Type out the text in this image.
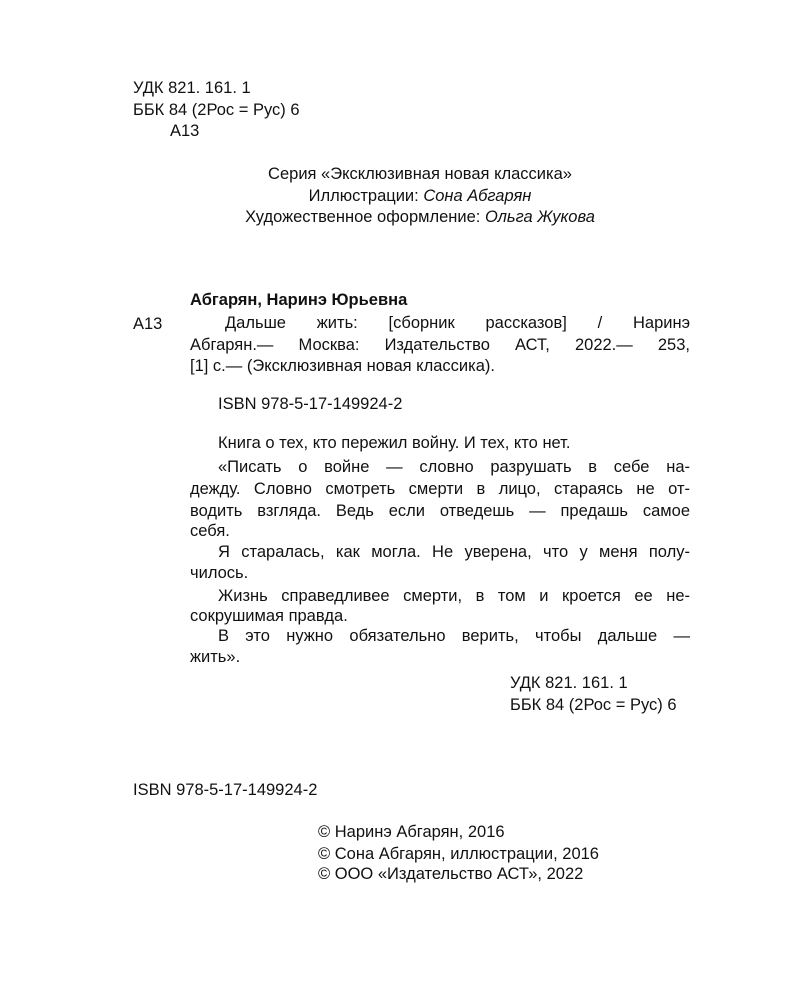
УДК 821. 161. 1
ББК 84 (2Рос = Рус) 6
А13
Серия «Эксклюзивная новая классика»
Иллюстрации: Сона Абгарян
Художественное оформление: Ольга Жукова
Абгарян, Наринэ Юрьевна
А13	Дальше жить: [сборник рассказов] / Наринэ
Абгарян.— Москва: Издательство АСТ, 2022.— 253,
[1] с.— (Эксклюзивная новая классика).
ISBN 978-5-17-149924-2
Книга о тех, кто пережил войну. И тех, кто нет.
«Писать о войне — словно разрушать в себе на-
дежду. Словно смотреть смерти в лицо, стараясь не от-
водить взгляда. Ведь если отведешь — предашь самое
себя.
Я старалась, как могла. Не уверена, что у меня полу-
чилось.
Жизнь справедливее смерти, в том и кроется ее не-
сокрушимая правда.
В это нужно обязательно верить, чтобы дальше —
жить».
УДК 821. 161. 1
ББК 84 (2Рос = Рус) 6
ISBN 978-5-17-149924-2
© Наринэ Абгарян, 2016
© Сона Абгарян, иллюстрации, 2016
© ООО «Издательство АСТ», 2022
